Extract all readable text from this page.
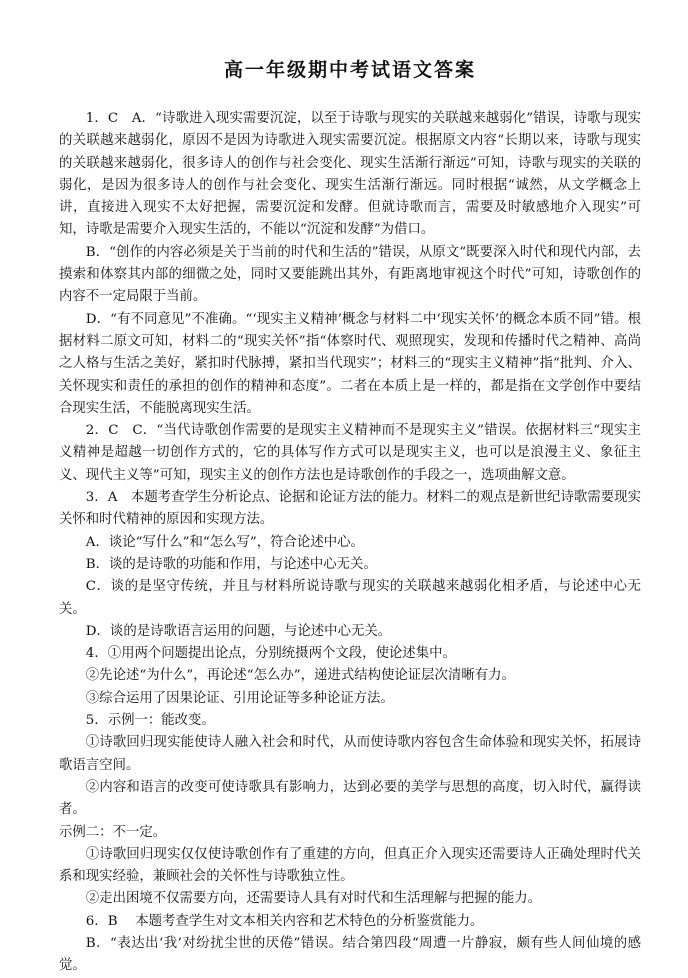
高一年级期中考试语文答案

1．C　A．“诗歌进入现实需要沉淀，以至于诗歌与现实的关联越来越弱化”错误，诗歌与现实的关联越来越弱化，原因不是因为诗歌进入现实需要沉淀。根据原文内容“长期以来，诗歌与现实的关联越来越弱化，很多诗人的创作与社会变化、现实生活渐行渐远”可知，诗歌与现实的关联的弱化，是因为很多诗人的创作与社会变化、现实生活渐行渐远。同时根据“诚然，从文学概念上讲，直接进入现实不太好把握，需要沉淀和发酵。但就诗歌而言，需要及时敏感地介入现实”可知，诗歌是需要介入现实生活的，不能以“沉淀和发酵”为借口。

B．“创作的内容必须是关于当前的时代和生活的”错误，从原文“既要深入时代和现代内部，去摸索和体察其内部的细微之处，同时又要能跳出其外，有距离地审视这个时代”可知，诗歌创作的内容不一定局限于当前。

D．“有不同意见”不准确。“‘现实主义精神’概念与材料二中‘现实关怀’的概念本质不同”错。根据材料二原文可知，材料二的“现实关怀”指“体察时代、观照现实，发现和传播时代之精神、高尚之人格与生活之美好，紧扣时代脉搏，紧扣当代现实”；材料三的“现实主义精神”指“批判、介入、关怀现实和责任的承担的创作的精神和态度”。二者在本质上是一样的，都是指在文学创作中要结合现实生活，不能脱离现实生活。

2．C　C．“当代诗歌创作需要的是现实主义精神而不是现实主义”错误。依据材料三“现实主义精神是超越一切创作方式的，它的具体写作方式可以是现实主义，也可以是浪漫主义、象征主义、现代主义等”可知，现实主义的创作方法也是诗歌创作的手段之一，选项曲解文意。

3．A　本题考查学生分析论点、论据和论证方法的能力。材料二的观点是新世纪诗歌需要现实关怀和时代精神的原因和实现方法。

A．谈论“写什么”和“怎么写”，符合论述中心。

B．谈的是诗歌的功能和作用，与论述中心无关。

C．谈的是坚守传统，并且与材料所说诗歌与现实的关联越来越弱化相矛盾，与论述中心无关。

D．谈的是诗歌语言运用的问题，与论述中心无关。

4．①用两个问题提出论点，分别统摄两个文段，使论述集中。

②先论述“为什么”，再论述“怎么办”，递进式结构使论证层次清晰有力。

③综合运用了因果论证、引用论证等多种论证方法。

5．示例一：能改变。

①诗歌回归现实能使诗人融入社会和时代，从而使诗歌内容包含生命体验和现实关怀，拓展诗歌语言空间。

②内容和语言的改变可使诗歌具有影响力，达到必要的美学与思想的高度，切入时代，赢得读者。

示例二：不一定。

①诗歌回归现实仅仅使诗歌创作有了重建的方向，但真正介入现实还需要诗人正确处理时代关系和现实经验，兼顾社会的关怀性与诗歌独立性。

②走出困境不仅需要方向，还需要诗人具有对时代和生活理解与把握的能力。

6．B　 本题考查学生对文本相关内容和艺术特色的分析鉴赏能力。

B．“表达出‘我’对纷扰尘世的厌倦”错误。结合第四段“周遭一片静寂，颇有些人间仙境的感觉。
